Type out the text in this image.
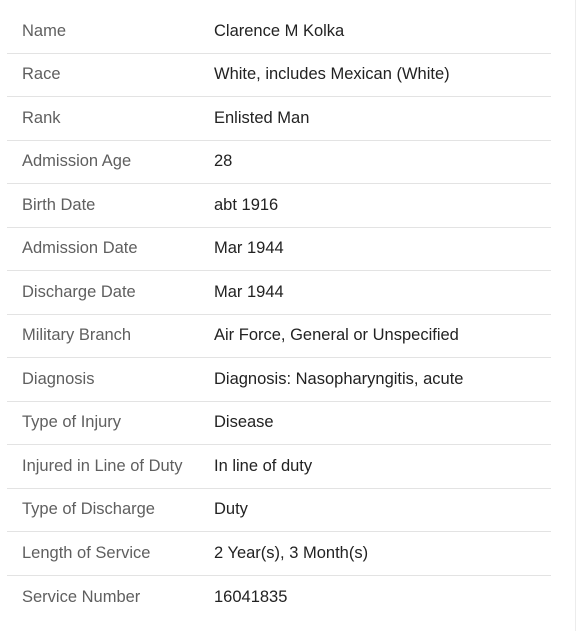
Name	Clarence M Kolka
Race	White, includes Mexican (White)
Rank	Enlisted Man
Admission Age	28
Birth Date	abt 1916
Admission Date	Mar 1944
Discharge Date	Mar 1944
Military Branch	Air Force, General or Unspecified
Diagnosis	Diagnosis: Nasopharyngitis, acute
Type of Injury	Disease
Injured in Line of Duty	In line of duty
Type of Discharge	Duty
Length of Service	2 Year(s), 3 Month(s)
Service Number	16041835
